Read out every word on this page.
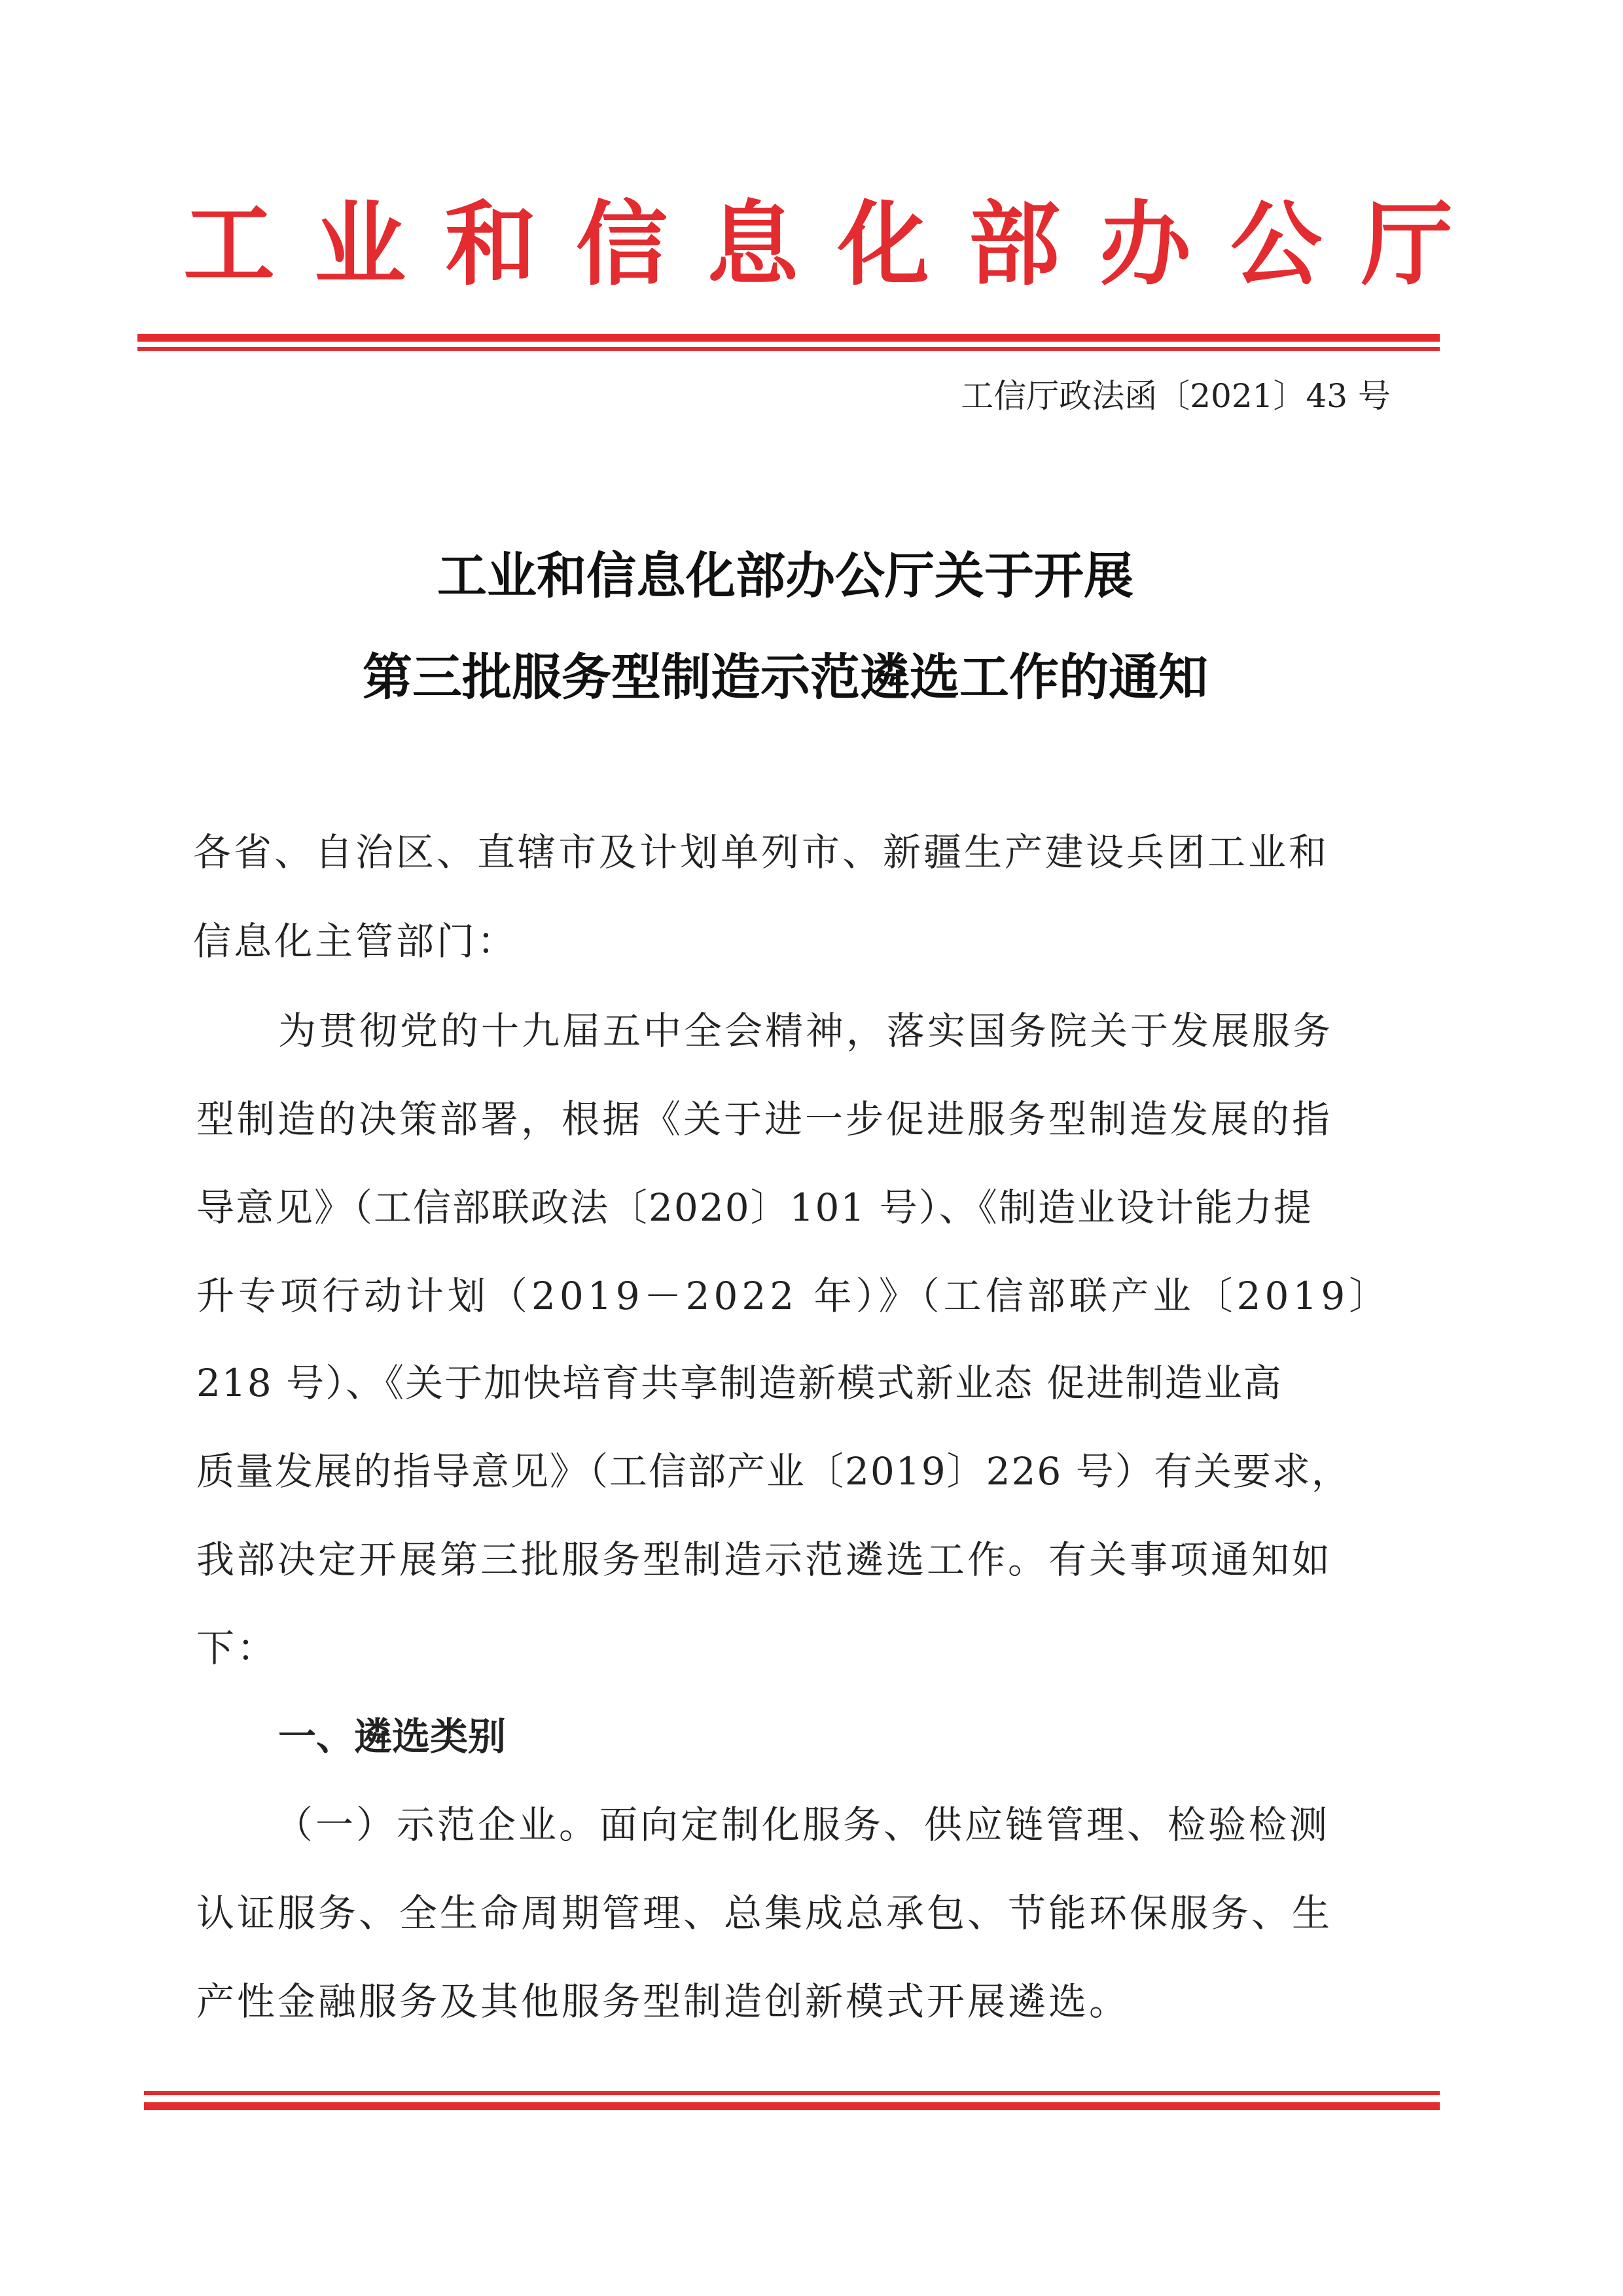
工业和信息化部办公厅
工信厅政法函〔2021〕43 号
工业和信息化部办公厅关于开展
第三批服务型制造示范遴选工作的通知
各省、自治区、直辖市及计划单列市、新疆生产建设兵团工业和
信息化主管部门：
为贯彻党的十九届五中全会精神，落实国务院关于发展服务
型制造的决策部署，根据《关于进一步促进服务型制造发展的指
导意见》（工信部联政法〔2020〕101 号）、《制造业设计能力提
升专项行动计划（2019－2022 年）》（工信部联产业〔2019〕
218 号）、《关于加快培育共享制造新模式新业态 促进制造业高
质量发展的指导意见》（工信部产业〔2019〕226 号）有关要求，
我部决定开展第三批服务型制造示范遴选工作。有关事项通知如
下：
一、遴选类别
（一）示范企业。面向定制化服务、供应链管理、检验检测
认证服务、全生命周期管理、总集成总承包、节能环保服务、生
产性金融服务及其他服务型制造创新模式开展遴选。
